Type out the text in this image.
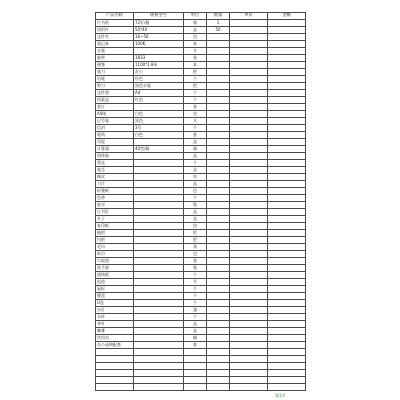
产品名称	规格型号	单位	数量	单价	金额
订书机	72钉/箱	箱	1		
回形针	50*40	盒	50		
文件夹	16~56	包			
笔记本	100K	本			
水笔		支			
胶带	1833	卷			
便签	1100*1.8米	本			
笔刀	办公	把			
铅笔	红色	个			
剪刀	黑色水笔	把			
文件袋	A4	个			
档案盒	红色	个			
装订		卷			
A4纸	白色	包			
记号笔	黑色	支			
信封	3号	个			
笔筒	白色	套			
印泥		盒			
计算器	40型/箱	箱			
固体胶		盒			
墨盒		个			
笔芯		盒			
橡皮		块			
刀片		盒			
标签纸		包			
色带		个			
胶水		瓶			
订书钉		盒			
夹子		盒			
复印纸		包			
拖把		把			
扫把		把			
毛巾		条			
纸巾		包			
垃圾袋		卷			
洗手液		瓶			
插线板		个			
电池		节			
鼠标		个			
键盘		个			
U盘		个			
台灯		盏			
水杯		个			
茶叶		盒			
咖啡		盒			
饮用水		桶			
办公桌椅配套		套			

第1页
